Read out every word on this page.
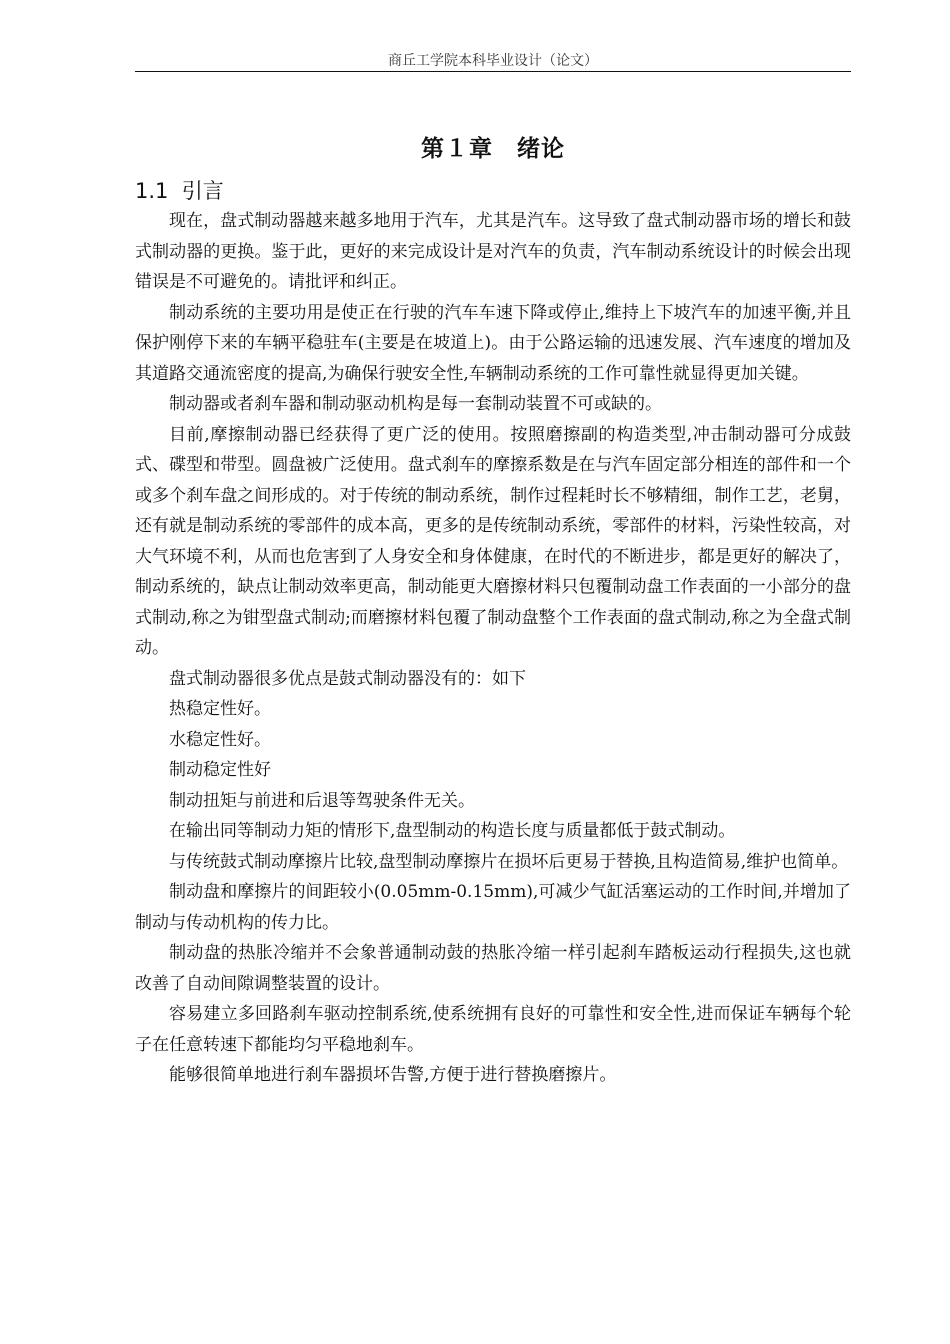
商丘工学院本科毕业设计（论文）
第１章　绪论
1.1  引言

现在，盘式制动器越来越多地用于汽车，尤其是汽车。这导致了盘式制动器市场的增长和鼓式制动器的更换。鉴于此，更好的来完成设计是对汽车的负责，汽车制动系统设计的时候会出现错误是不可避免的。请批评和纠正。

制动系统的主要功用是使正在行驶的汽车车速下降或停止,维持上下坡汽车的加速平衡,并且保护刚停下来的车辆平稳驻车(主要是在坡道上)。由于公路运输的迅速发展、汽车速度的增加及其道路交通流密度的提高,为确保行驶安全性,车辆制动系统的工作可靠性就显得更加关键。

制动器或者刹车器和制动驱动机构是每一套制动装置不可或缺的。

目前,摩擦制动器已经获得了更广泛的使用。按照磨擦副的构造类型,冲击制动器可分成鼓式、碟型和带型。圆盘被广泛使用。盘式刹车的摩擦系数是在与汽车固定部分相连的部件和一个或多个刹车盘之间形成的。对于传统的制动系统，制作过程耗时长不够精细，制作工艺，老舅，还有就是制动系统的零部件的成本高，更多的是传统制动系统，零部件的材料，污染性较高，对大气环境不利，从而也危害到了人身安全和身体健康，在时代的不断进步，都是更好的解决了，制动系统的，缺点让制动效率更高，制动能更大磨擦材料只包覆制动盘工作表面的一小部分的盘式制动,称之为钳型盘式制动;而磨擦材料包覆了制动盘整个工作表面的盘式制动,称之为全盘式制动。

盘式制动器很多优点是鼓式制动器没有的：如下

热稳定性好。

水稳定性好。

制动稳定性好

制动扭矩与前进和后退等驾驶条件无关。

在输出同等制动力矩的情形下,盘型制动的构造长度与质量都低于鼓式制动。

与传统鼓式制动摩擦片比较,盘型制动摩擦片在损坏后更易于替换,且构造简易,维护也简单。

制动盘和摩擦片的间距较小(0.05mm-0.15mm),可减少气缸活塞运动的工作时间,并增加了制动与传动机构的传力比。

制动盘的热胀冷缩并不会象普通制动鼓的热胀冷缩一样引起刹车踏板运动行程损失,这也就改善了自动间隙调整装置的设计。

容易建立多回路刹车驱动控制系统,使系统拥有良好的可靠性和安全性,进而保证车辆每个轮子在任意转速下都能均匀平稳地刹车。

能够很简单地进行刹车器损坏告警,方便于进行替换磨擦片。
